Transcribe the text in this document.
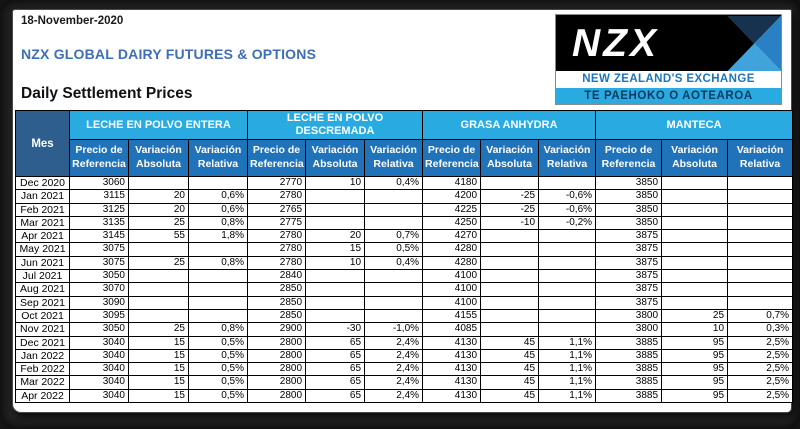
18-November-2020
NZX GLOBAL DAIRY FUTURES & OPTIONS
Daily Settlement Prices
NZX
NEW ZEALAND'S EXCHANGE
TE PAEHOKO O AOTEAROA
Mes	LECHE EN POLVO ENTERA			LECHE EN POLVO DESCREMADA			GRASA ANHYDRA			MANTECA		
	Precio de Referencia	Variación Absoluta	Variación Relativa	Precio de Referencia	Variación Absoluta	Variación Relativa	Precio de Referencia	Variación Absoluta	Variación Relativa	Precio de Referencia	Variación Absoluta	Variación Relativa
Dec 2020	3060			2770	10	0,4%	4180			3850		
Jan 2021	3115	20	0,6%	2780			4200	-25	-0,6%	3850		
Feb 2021	3125	20	0,6%	2765			4225	-25	-0,6%	3850		
Mar 2021	3135	25	0,8%	2775			4250	-10	-0,2%	3850		
Apr 2021	3145	55	1,8%	2780	20	0,7%	4270			3875		
May 2021	3075			2780	15	0,5%	4280			3875		
Jun 2021	3075	25	0,8%	2780	10	0,4%	4280			3875		
Jul 2021	3050			2840			4100			3875		
Aug 2021	3070			2850			4100			3875		
Sep 2021	3090			2850			4100			3875		
Oct 2021	3095			2850			4155			3800	25	0,7%
Nov 2021	3050	25	0,8%	2900	-30	-1,0%	4085			3800	10	0,3%
Dec 2021	3040	15	0,5%	2800	65	2,4%	4130	45	1,1%	3885	95	2,5%
Jan 2022	3040	15	0,5%	2800	65	2,4%	4130	45	1,1%	3885	95	2,5%
Feb 2022	3040	15	0,5%	2800	65	2,4%	4130	45	1,1%	3885	95	2,5%
Mar 2022	3040	15	0,5%	2800	65	2,4%	4130	45	1,1%	3885	95	2,5%
Apr 2022	3040	15	0,5%	2800	65	2,4%	4130	45	1,1%	3885	95	2,5%
